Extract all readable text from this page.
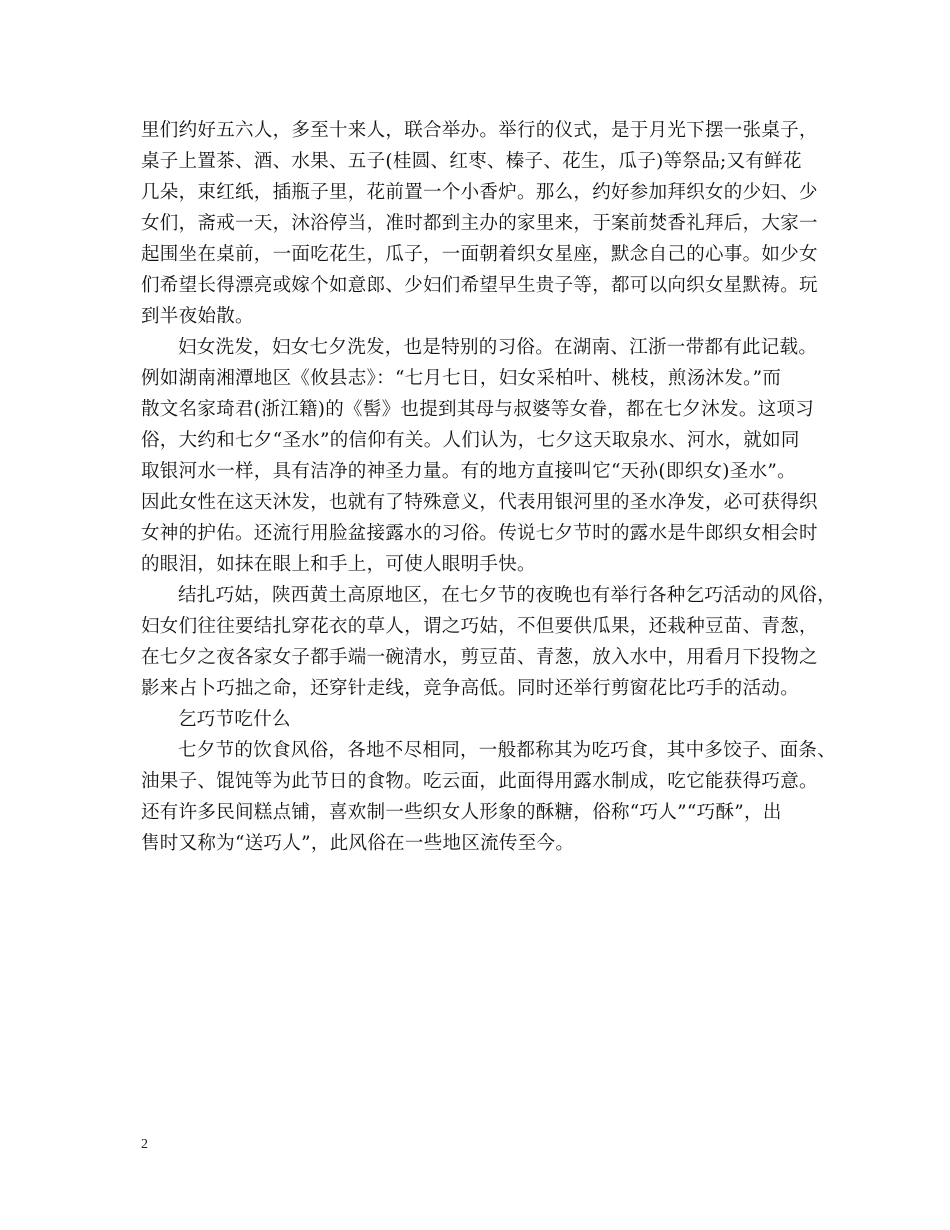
里们约好五六人，多至十来人，联合举办。举行的仪式，是于月光下摆一张桌子，
桌子上置茶、酒、水果、五子(桂圆、红枣、榛子、花生，瓜子)等祭品;又有鲜花
几朵，束红纸，插瓶子里，花前置一个小香炉。那么，约好参加拜织女的少妇、少
女们，斋戒一天，沐浴停当，准时都到主办的家里来，于案前焚香礼拜后，大家一
起围坐在桌前，一面吃花生，瓜子，一面朝着织女星座，默念自己的心事。如少女
们希望长得漂亮或嫁个如意郎、少妇们希望早生贵子等，都可以向织女星默祷。玩
到半夜始散。
妇女洗发，妇女七夕洗发，也是特别的习俗。在湖南、江浙一带都有此记载。
例如湖南湘潭地区《攸县志》：“七月七日，妇女采柏叶、桃枝，煎汤沐发。”而
散文名家琦君(浙江籍)的《髻》也提到其母与叔婆等女眷，都在七夕沐发。这项习
俗，大约和七夕“圣水”的信仰有关。人们认为，七夕这天取泉水、河水，就如同
取银河水一样，具有洁净的神圣力量。有的地方直接叫它“天孙(即织女)圣水”。
因此女性在这天沐发，也就有了特殊意义，代表用银河里的圣水净发，必可获得织
女神的护佑。还流行用脸盆接露水的习俗。传说七夕节时的露水是牛郎织女相会时
的眼泪，如抹在眼上和手上，可使人眼明手快。
结扎巧姑，陕西黄土高原地区，在七夕节的夜晚也有举行各种乞巧活动的风俗，
妇女们往往要结扎穿花衣的草人，谓之巧姑，不但要供瓜果，还栽种豆苗、青葱，
在七夕之夜各家女子都手端一碗清水，剪豆苗、青葱，放入水中，用看月下投物之
影来占卜巧拙之命，还穿针走线，竞争高低。同时还举行剪窗花比巧手的活动。
乞巧节吃什么
七夕节的饮食风俗，各地不尽相同，一般都称其为吃巧食，其中多饺子、面条、
油果子、馄饨等为此节日的食物。吃云面，此面得用露水制成，吃它能获得巧意。
还有许多民间糕点铺，喜欢制一些织女人形象的酥糖，俗称“巧人”“巧酥”，出
售时又称为“送巧人”，此风俗在一些地区流传至今。
2
